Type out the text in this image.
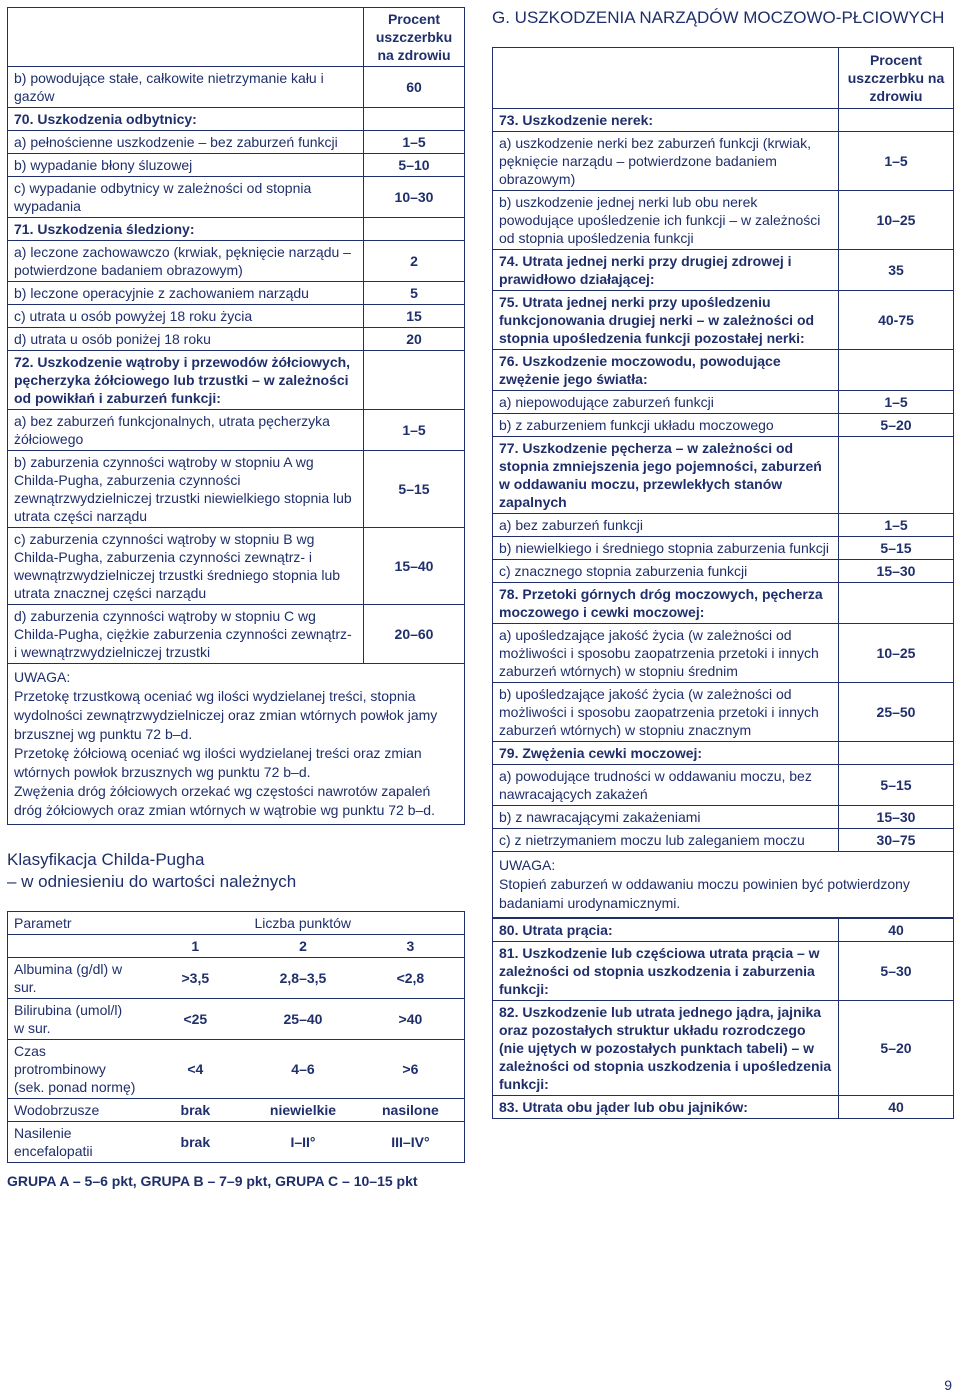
	Procent uszczerbku na zdrowiu
b) powodujące stałe, całkowite nietrzymanie kału i gazów	60
70. Uszkodzenia odbytnicy:	
a) pełnościenne uszkodzenie – bez zaburzeń funkcji	1–5
b) wypadanie błony śluzowej	5–10
c) wypadanie odbytnicy w zależności od stopnia wypadania	10–30
71. Uszkodzenia śledziony:	
a) leczone zachowawczo (krwiak, pęknięcie narządu – potwierdzone badaniem obrazowym)	2
b) leczone operacyjnie z zachowaniem narządu	5
c) utrata u osób powyżej 18 roku życia	15
d) utrata u osób poniżej 18 roku	20
72. Uszkodzenie wątroby i przewodów żółciowych, pęcherzyka żółciowego lub trzustki – w zależności od powikłań i zaburzeń funkcji:	
a) bez zaburzeń funkcjonalnych, utrata pęcherzyka żółciowego	1–5
b) zaburzenia czynności wątroby w stopniu A wg Childa-Pugha, zaburzenia czynności zewnątrzwydzielniczej trzustki niewielkiego stopnia lub utrata części narządu	5–15
c) zaburzenia czynności wątroby w stopniu B wg Childa-Pugha, zaburzenia czynności zewnątrz- i wewnątrzwydzielniczej trzustki średniego stopnia lub utrata znacznej części narządu	15–40
d) zaburzenia czynności wątroby w stopniu C wg Childa-Pugha, ciężkie zaburzenia czynności zewnątrz- i wewnątrzwydzielniczej trzustki	20–60
UWAGA:
Przetokę trzustkową oceniać wg ilości wydzielanej treści, stopnia wydolności zewnątrzwydzielniczej oraz zmian wtórnych powłok jamy brzusznej wg punktu 72 b–d.
Przetokę żółciową oceniać wg ilości wydzielanej treści oraz zmian wtórnych powłok brzusznych wg punktu 72 b–d.
Zwężenia dróg żółciowych orzekać wg częstości nawrotów zapaleń dróg żółciowych oraz zmian wtórnych w wątrobie wg punktu 72 b–d.
Klasyfikacja Childa-Pugha
– w odniesieniu do wartości należnych
Parametr	Liczba punktów		
	1	2	3
Albumina (g/dl) w sur.	>3,5	2,8–3,5	<2,8
Bilirubina (umol/l) w sur.	<25	25–40	>40
Czas protrombinowy (sek. ponad normę)	<4	4–6	>6
Wodobrzusze	brak	niewielkie	nasilone
Nasilenie encefalopatii	brak	I–II°	III–IV°
GRUPA A – 5–6 pkt, GRUPA B – 7–9 pkt, GRUPA C – 10–15 pkt
G. USZKODZENIA NARZĄDÓW MOCZOWO-PŁCIOWYCH
	Procent uszczerbku na zdrowiu
73. Uszkodzenie nerek:	
a) uszkodzenie nerki bez zaburzeń funkcji (krwiak, pęknięcie narządu – potwierdzone badaniem obrazowym)	1–5
b) uszkodzenie jednej nerki lub obu nerek powodujące upośledzenie ich funkcji – w zależności od stopnia upośledzenia funkcji	10–25
74. Utrata jednej nerki przy drugiej zdrowej i prawidłowo działającej:	35
75. Utrata jednej nerki przy upośledzeniu funkcjonowania drugiej nerki – w zależności od stopnia upośledzenia funkcji pozostałej nerki:	40-75
76. Uszkodzenie moczowodu, powodujące zwężenie jego światła:	
a) niepowodujące zaburzeń funkcji	1–5
b) z zaburzeniem funkcji układu moczowego	5–20
77. Uszkodzenie pęcherza – w zależności od stopnia zmniejszenia jego pojemności, zaburzeń w oddawaniu moczu, przewlekłych stanów zapalnych	
a) bez zaburzeń funkcji	1–5
b) niewielkiego i średniego stopnia zaburzenia funkcji	5–15
c) znacznego stopnia zaburzenia funkcji	15–30
78. Przetoki górnych dróg moczowych, pęcherza moczowego i cewki moczowej:	
a) upośledzające jakość życia (w zależności od możliwości i sposobu zaopatrzenia przetoki i innych zaburzeń wtórnych) w stopniu średnim	10–25
b) upośledzające jakość życia (w zależności od możliwości i sposobu zaopatrzenia przetoki i innych zaburzeń wtórnych) w stopniu znacznym	25–50
79. Zwężenia cewki moczowej:	
a) powodujące trudności w oddawaniu moczu, bez nawracających zakażeń	5–15
b) z nawracającymi zakażeniami	15–30
c) z nietrzymaniem moczu lub zaleganiem moczu	30–75
UWAGA:
Stopień zaburzeń w oddawaniu moczu powinien być potwierdzony badaniami urodynamicznymi.
80. Utrata prącia:	40
81. Uszkodzenie lub częściowa utrata prącia – w zależności od stopnia uszkodzenia i zaburzenia funkcji:	5–30
82. Uszkodzenie lub utrata jednego jądra, jajnika oraz pozostałych struktur układu rozrodczego (nie ujętych w pozostałych punktach tabeli) – w zależności od stopnia uszkodzenia i upośledzenia funkcji:	5–20
83. Utrata obu jąder lub obu jajników:	40
9
